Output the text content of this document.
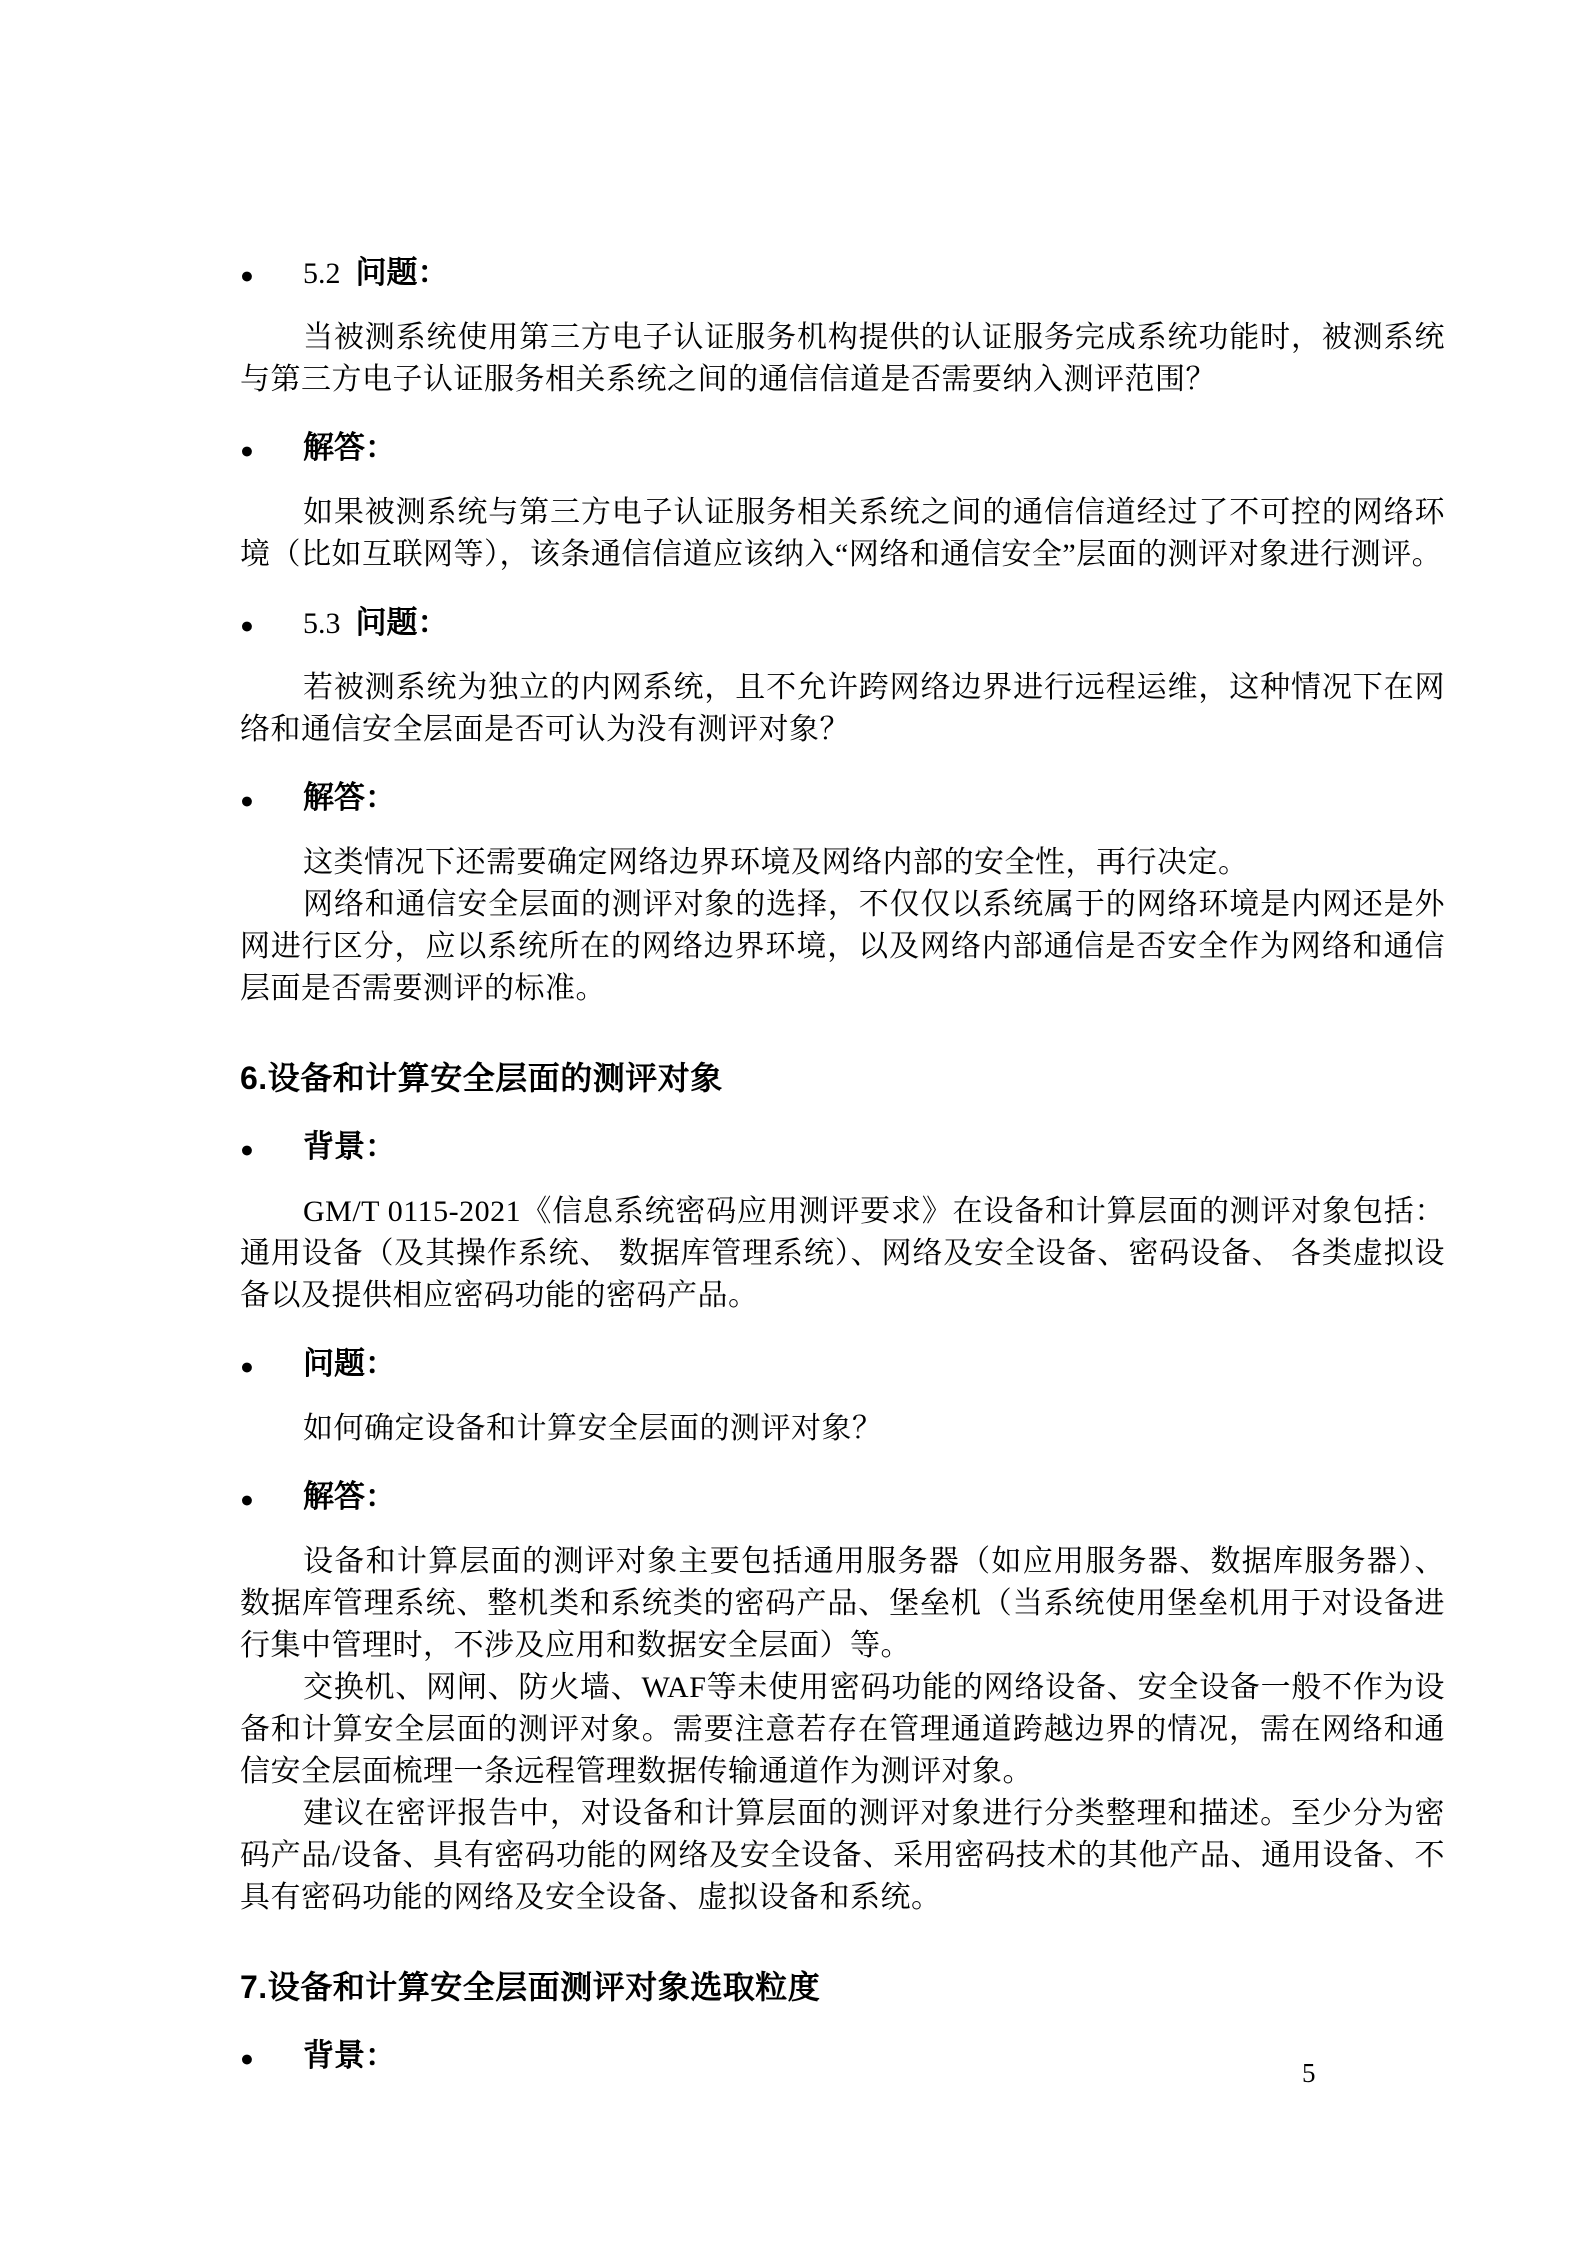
●	5.2 问题：

当被测系统使用第三方电子认证服务机构提供的认证服务完成系统功能时，被测系统与第三方电子认证服务相关系统之间的通信信道是否需要纳入测评范围？

●	解答：

如果被测系统与第三方电子认证服务相关系统之间的通信信道经过了不可控的网络环境（比如互联网等），该条通信信道应该纳入“网络和通信安全”层面的测评对象进行测评。

●	5.3 问题：

若被测系统为独立的内网系统，且不允许跨网络边界进行远程运维，这种情况下在网络和通信安全层面是否可认为没有测评对象？

●	解答：

这类情况下还需要确定网络边界环境及网络内部的安全性，再行决定。

网络和通信安全层面的测评对象的选择，不仅仅以系统属于的网络环境是内网还是外网进行区分，应以系统所在的网络边界环境，以及网络内部通信是否安全作为网络和通信层面是否需要测评的标准。

6.设备和计算安全层面的测评对象
●	背景：

GM/T 0115-2021《信息系统密码应用测评要求》在设备和计算层面的测评对象包括：通用设备（及其操作系统、 数据库管理系统）、网络及安全设备、密码设备、 各类虚拟设备以及提供相应密码功能的密码产品。

●	问题：

如何确定设备和计算安全层面的测评对象？

●	解答：

设备和计算层面的测评对象主要包括通用服务器（如应用服务器、数据库服务器）、数据库管理系统、整机类和系统类的密码产品、堡垒机（当系统使用堡垒机用于对设备进行集中管理时，不涉及应用和数据安全层面）等。

交换机、网闸、防火墙、WAF等未使用密码功能的网络设备、安全设备一般不作为设备和计算安全层面的测评对象。需要注意若存在管理通道跨越边界的情况，需在网络和通信安全层面梳理一条远程管理数据传输通道作为测评对象。

建议在密评报告中，对设备和计算层面的测评对象进行分类整理和描述。至少分为密码产品/设备、具有密码功能的网络及安全设备、采用密码技术的其他产品、通用设备、不具有密码功能的网络及安全设备、虚拟设备和系统。

7.设备和计算安全层面测评对象选取粒度
●	背景：	5
